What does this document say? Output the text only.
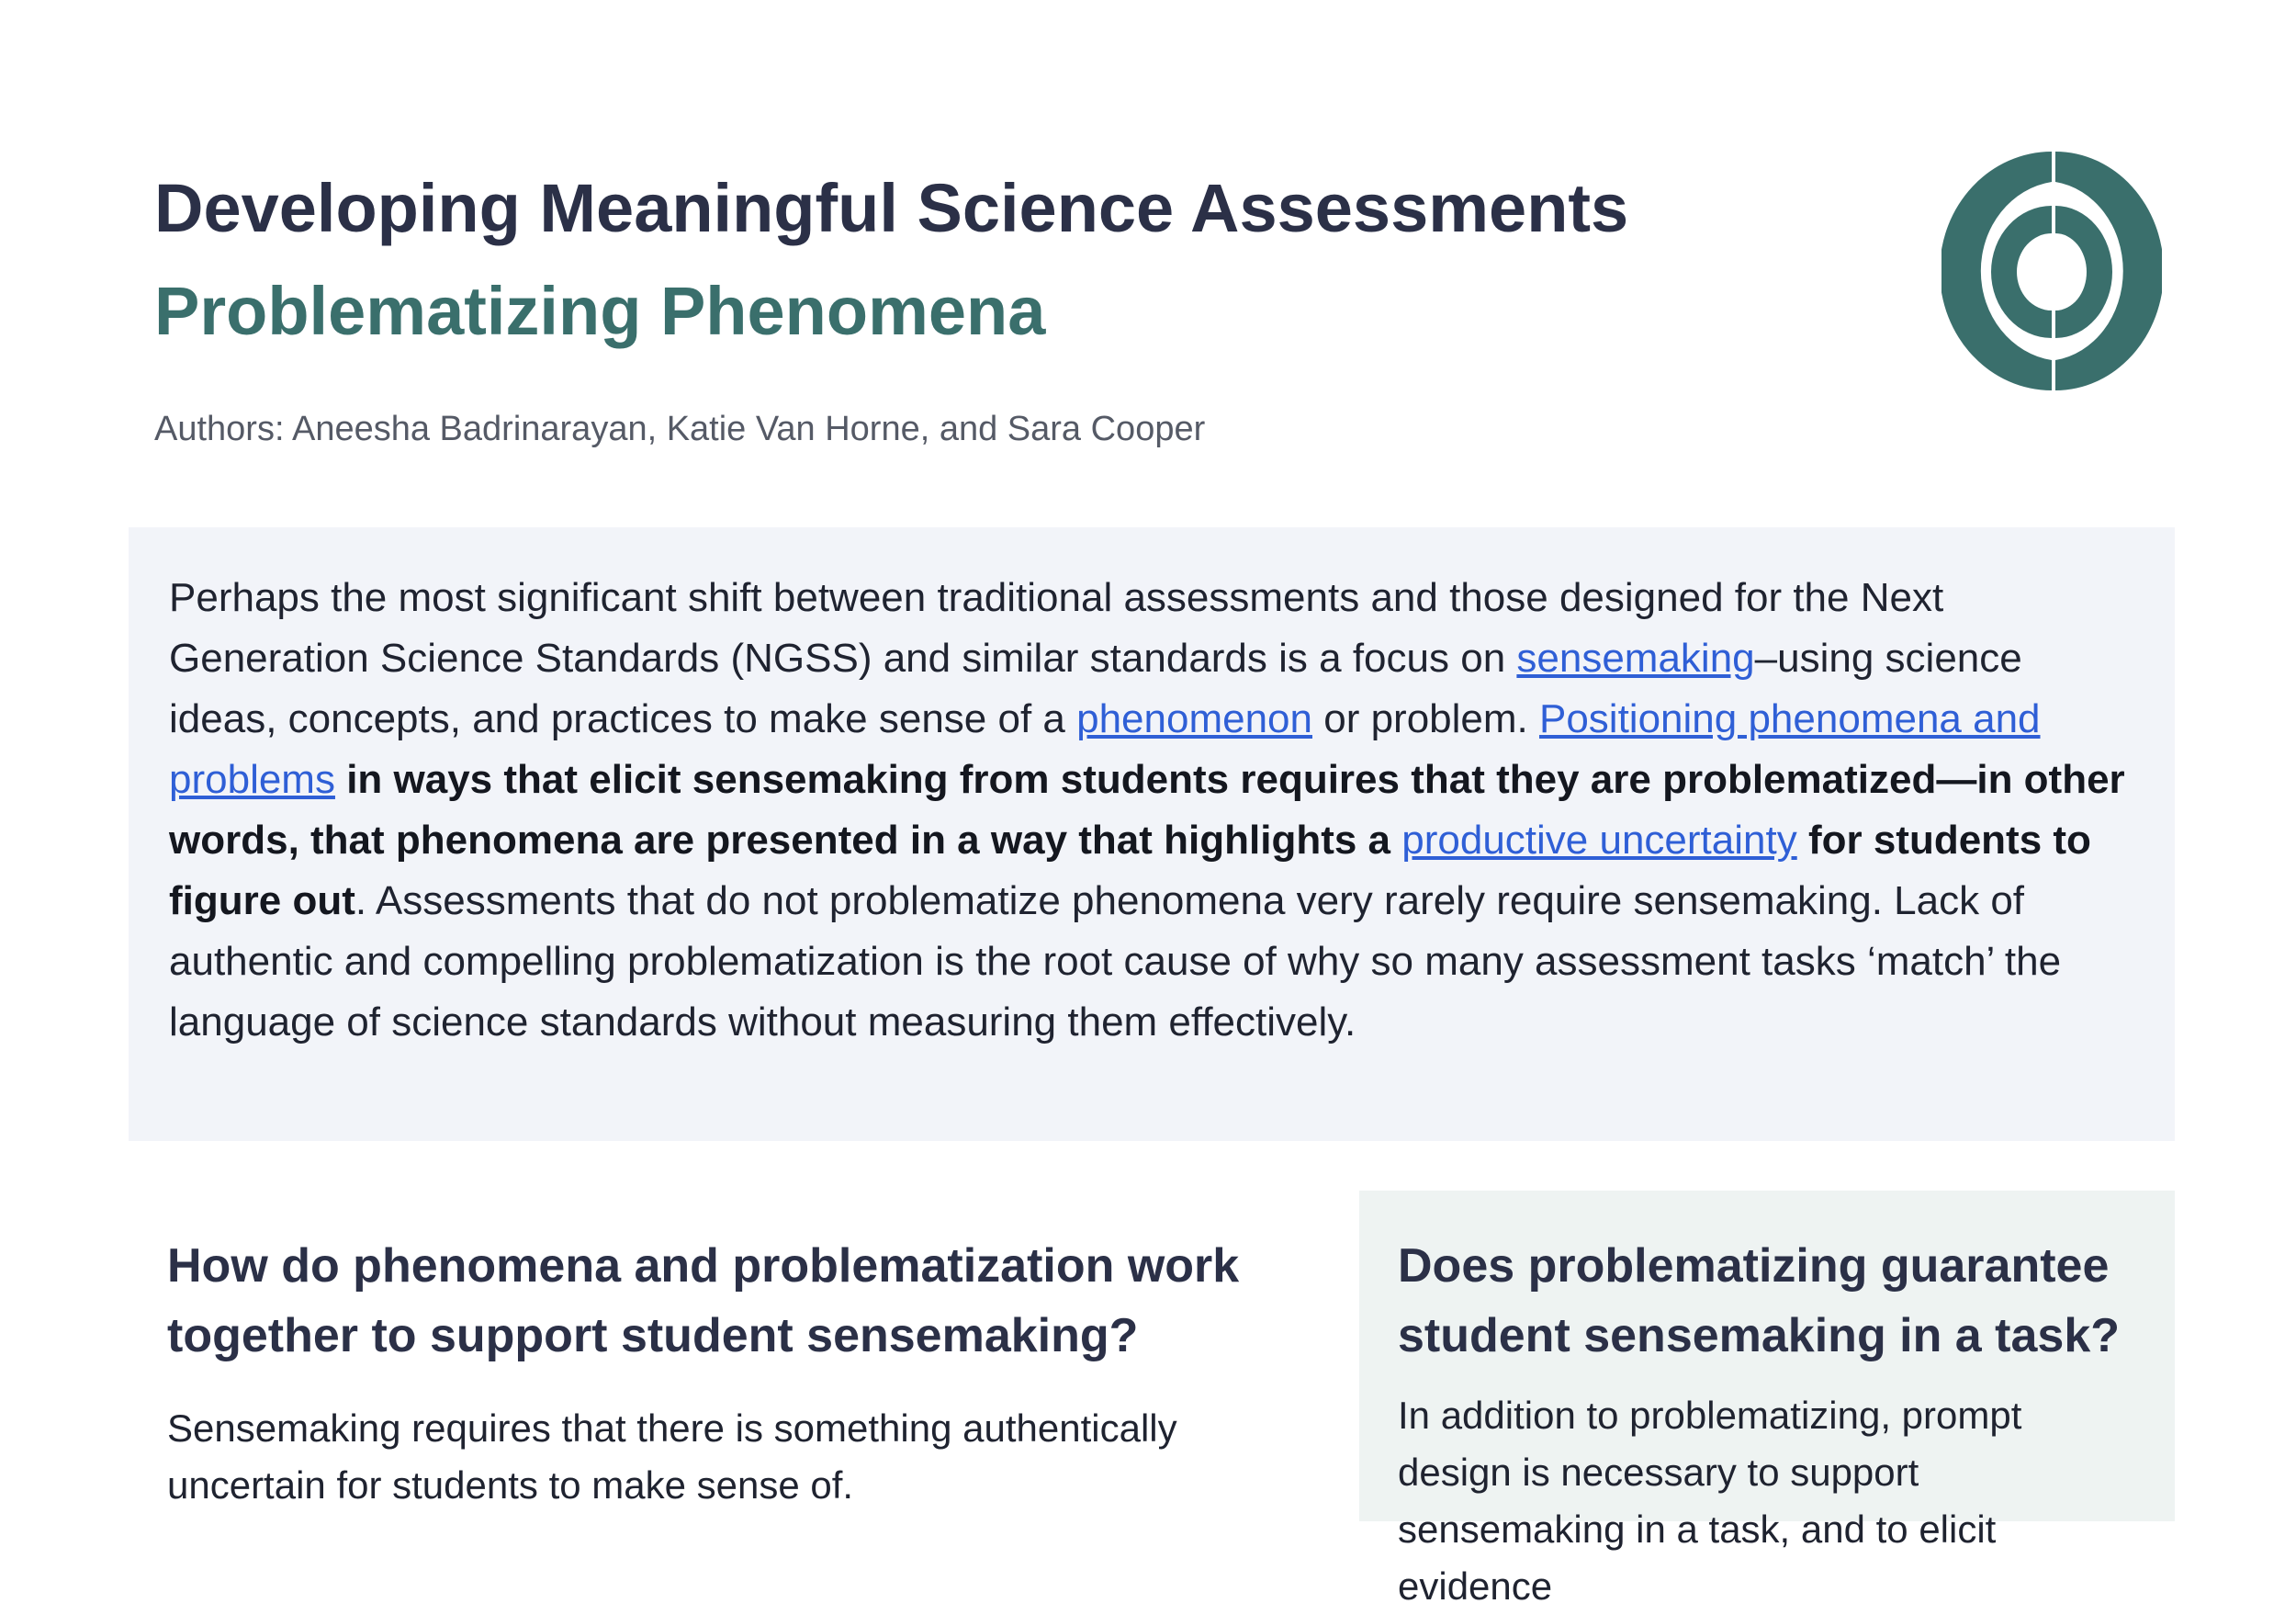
Developing Meaningful Science Assessments
Problematizing Phenomena
Authors: Aneesha Badrinarayan, Katie Van Horne, and Sara Cooper
Perhaps the most significant shift between traditional assessments and those designed for the Next Generation Science Standards (NGSS) and similar standards is a focus on sensemaking–using science ideas, concepts, and practices to make sense of a phenomenon or problem. Positioning phenomena and problems in ways that elicit sensemaking from students requires that they are problematized—in other words, that phenomena are presented in a way that highlights a productive uncertainty for students to figure out. Assessments that do not problematize phenomena very rarely require sensemaking. Lack of authentic and compelling problematization is the root cause of why so many assessment tasks ‘match’ the language of science standards without measuring them effectively.
How do phenomena and problematization work together to support student sensemaking?

Sensemaking requires that there is something authentically uncertain for students to make sense of.

Does problematizing guarantee student sensemaking in a task?

In addition to problematizing, prompt design is necessary to support sensemaking in a task, and to elicit evidence
